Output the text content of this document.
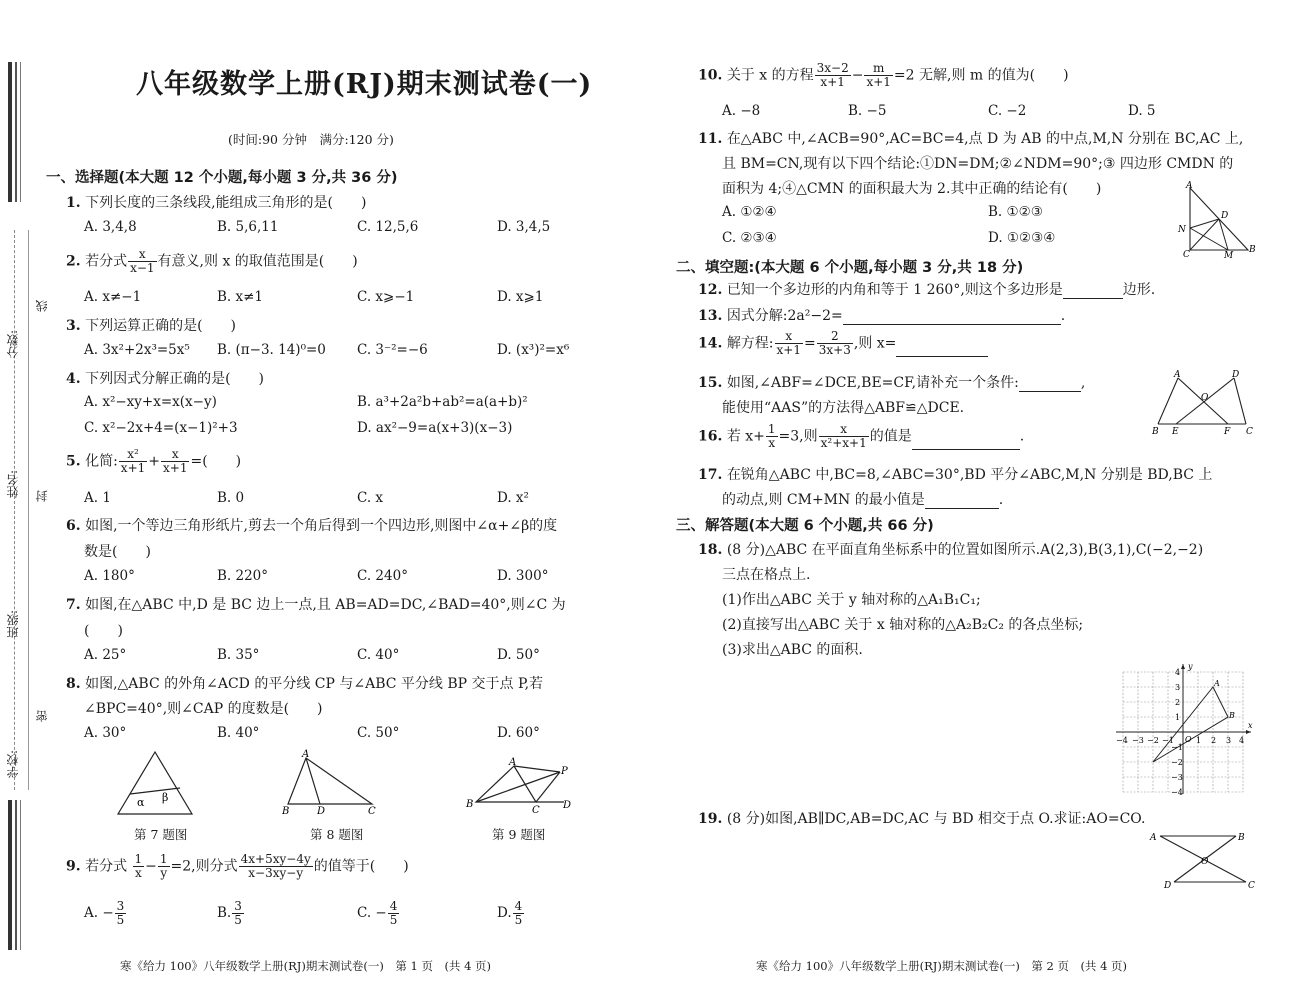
分数:
线
姓名: 封
班级:
密
学校:
八年级数学上册(RJ)期末测试卷(一)
(时间:90 分钟　满分:120 分)
一、选择题(本大题 12 个小题,每小题 3 分,共 36 分)
1. 下列长度的三条线段,能组成三角形的是(　　)
A. 3,4,8	B. 5,6,11	C. 12,5,6	D. 3,4,5
2. 若分式 $\frac{x}{x-1}$ 有意义,则 x 的取值范围是(　　)
A. x≠−1	B. x≠1	C. x⩾−1	D. x⩾1
3. 下列运算正确的是(　　)
A. 3x²+2x³=5x⁵ B. (π−3. 14)⁰=0 C. 3⁻²=−6	D. (x³)²=x⁶
4. 下列因式分解正确的是(　　)
A. x²−xy+x=x(x−y)	B. a³+2a²b+ab²=a(a+b)²
C. x²−2x+4=(x−1)²+3	D. ax²−9=a(x+3)(x−3)
5. 化简: $\frac{\text{x²}}{x+1} + \frac{x}{x+1}$ =(　　)
A. 1	B. 0	C. x	D. x²
6. 如图,一个等边三角形纸片,剪去一个角后得到一个四边形,则图中∠α+∠β的度
数是(　　)
A. 180°	B. 220°	C. 240°	D. 300°
7. 如图,在△ABC 中,D 是 BC 边上一点,且 AB=AD=DC,∠BAD=40°,则∠C 为
(　　)
A. 25°	B. 35°	C. 40°	D. 50°
8. 如图,△ABC 的外角∠ACD 的平分线 CP 与∠ABC 平分线 BP 交于点 P,若
∠BPC=40°,则∠CAP 的度数是(　　)
A. 30°	B. 40°	C. 50°	D. 60°
α β
第 7 题图
A
B	D	C
第 8 题图
A
B
C D
P
第 9 题图
9. 若分式 $\frac{1}{x} - \frac{1}{y} =2$,则分式 $\frac{4x+5xy-4y}{x-3xy-y}$ 的值等于(　　)
A. − $\frac{3}{5}$	B. $\frac{3}{5}$	C. − $\frac{4}{5}$	D. $\frac{4}{5}$
寒《给力 100》八年级数学上册(RJ)期末测试卷(一)　第 1 页　(共 4 页)
10. 关于 x 的方程 $\frac{3x-2}{x+1} - \frac{m}{x+1} =2$ 无解,则 m 的值为(　　)
A. −8	B. −5	C. −2	D. 5
11. 在△ABC 中,∠ACB=90°,AC=BC=4,点 D 为 AB 的中点,M,N 分别在 BC,AC 上,
且 BM=CN,现有以下四个结论:①DN=DM;②∠NDM=90°;③ 四边形 CMDN 的
面积为 4;④△CMN 的面积最大为 2.其中正确的结论有(　　)
A. ①②④	B. ①②③
C. ②③④	D. ①②③④
A
D
N
C	M
B
二、填空题:(本大题 6 个小题,每小题 3 分,共 18 分)
12. 已知一个多边形的内角和等于 1 260°,则这个多边形是	边形.
13. 因式分解:2a²−2=	.
14. 解方程: $\frac{x}{x+1} = \frac{2}{3x+3}$ ,则 x=
15. 如图,∠ABF=∠DCE,BE=CF,请补充一个条件:	,
能使用“AAS”的方法得△ABF≌△DCE.
A	D
O
B E	F C
16. 若 $x+ \frac{1}{x} =3$,则 $\frac{x}{\text{x²+x+1}}$ 的值是	.
17. 在锐角△ABC 中,BC=8,∠ABC=30°,BD 平分∠ABC,M,N 分别是 BD,BC 上
的动点,则 CM+MN 的最小值是	.
三、解答题(本大题 6 个小题,共 66 分)
18. (8 分)△ABC 在平面直角坐标系中的位置如图所示.A(2,3),B(3,1),C(−2,−2)
三点在格点上.
(1)作出△ABC 关于 y 轴对称的△A₁B₁C₁;
(2)直接写出△ABC 关于 x 轴对称的△A₂B₂C₂ 的各点坐标;
(3)求出△ABC 的面积.
y
x
A
B
O
−4 −3 −2 −1	1 2 3 4
4
3
2
1
−1
−2
−3
−4
19. (8 分)如图,AB∥DC,AB=DC,AC 与 BD 相交于点 O.求证:AO=CO.
A	B
O
D	C
寒《给力 100》八年级数学上册(RJ)期末测试卷(一)　第 2 页　(共 4 页)
